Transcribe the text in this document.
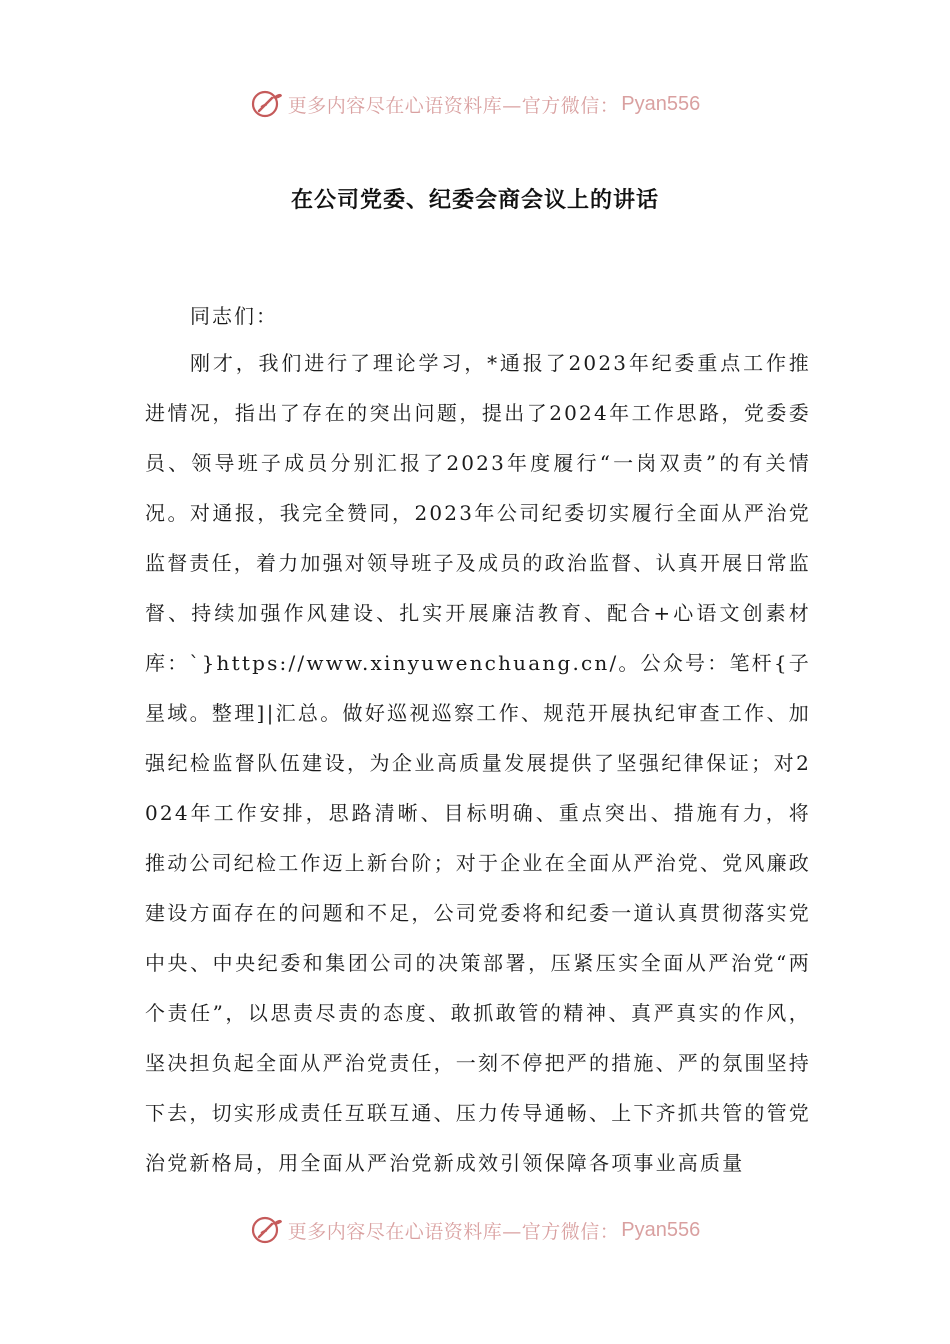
更多内容尽在心语资料库—官方微信： Pyan556
在公司党委、纪委会商会议上的讲话
同志们：

刚才，我们进行了理论学习，*通报了2023年纪委重点工作推进情况，指出了存在的突出问题，提出了2024年工作思路，党委委员、领导班子成员分别汇报了2023年度履行“一岗双责”的有关情况。对通报，我完全赞同，2023年公司纪委切实履行全面从严治党监督责任，着力加强对领导班子及成员的政治监督、认真开展日常监督、持续加强作风建设、扎实开展廉洁教育、配合+心语文创素材库：`}https://www.xinyuwenchuang.cn/。公众号：笔杆{子星域。整理]|汇总。做好巡视巡察工作、规范开展执纪审查工作、加强纪检监督队伍建设，为企业高质量发展提供了坚强纪律保证；对2024年工作安排，思路清晰、目标明确、重点突出、措施有力，将推动公司纪检工作迈上新台阶；对于企业在全面从严治党、党风廉政建设方面存在的问题和不足，公司党委将和纪委一道认真贯彻落实党中央、中央纪委和集团公司的决策部署，压紧压实全面从严治党“两个责任”，以思责尽责的态度、敢抓敢管的精神、真严真实的作风，坚决担负起全面从严治党责任，一刻不停把严的措施、严的氛围坚持下去，切实形成责任互联互通、压力传导通畅、上下齐抓共管的管党治党新格局，用全面从严治党新成效引领保障各项事业高质量

更多内容尽在心语资料库—官方微信： Pyan556
